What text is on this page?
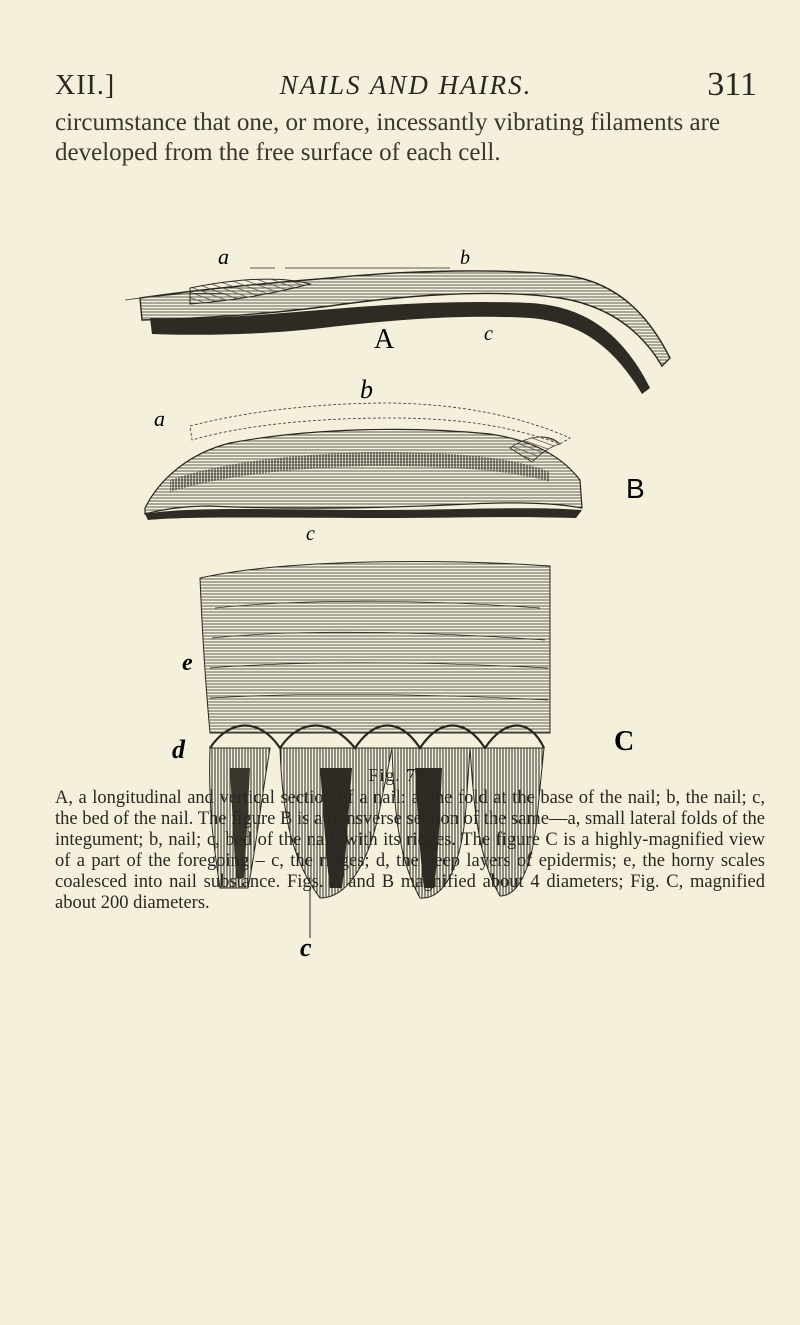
XII.]	NAILS AND HAIRS.	311
circumstance that one, or more, incessantly vibrating filaments are developed from the free surface of each cell.
a	b
A	c
b
a
B
c
e
C
d
c
Fig. 76.

A, a longitudinal and vertical section of a nail: a, the fold at the base of the nail; b, the nail; c, the bed of the nail. The figure B is a transverse section of the same—a, small lateral folds of the integument; b, nail; c, bed of the nail, with its ridges. The figure C is a highly-magnified view of a part of the foregoing – c, the ridges; d, the deep layers of epidermis; e, the horny scales coalesced into nail substance. Figs. A and B magnified about 4 diameters; Fig. C, magnified about 200 diameters.
